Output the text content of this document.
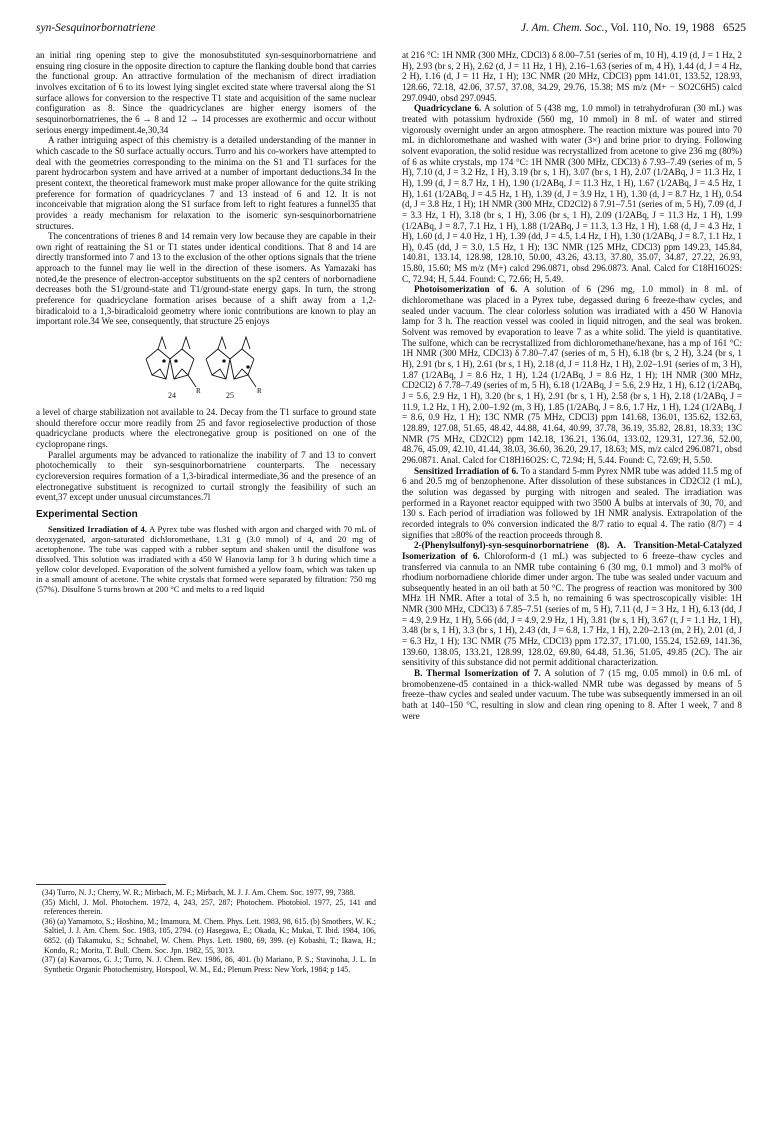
syn-Sesquinorbornatriene	J. Am. Chem. Soc., Vol. 110, No. 19, 1988 6525

an initial ring opening step to give the monosubstituted syn-sesquinorbornatriene and ensuing ring closure in the opposite direction to capture the flanking double bond that carries the functional group. An attractive formulation of the mechanism of direct irradiation involves excitation of 6 to its lowest lying singlet excited state where traversal along the S1 surface allows for conversion to the respective T1 state and acquisition of the same nuclear configuration as 8. Since the quadricyclanes are higher energy isomers of the sesquinorbornatrienes, the 6 → 8 and 12 → 14 processes are exothermic and occur without serious energy impediment.4e,30,34

A rather intriguing aspect of this chemistry is a detailed understanding of the manner in which cascade to the S0 surface actually occurs. Turro and his co-workers have attempted to deal with the geometries corresponding to the minima on the S1 and T1 surfaces for the parent hydrocarbon system and have arrived at a number of important deductions.34 In the present context, the theoretical framework must make proper allowance for the quite striking preference for formation of quadricyclanes 7 and 13 instead of 6 and 12. It is not inconceivable that migration along the S1 surface from left to right features a funnel35 that provides a ready mechanism for relaxation to the isomeric syn-sesquinorbornatriene structures.

The concentrations of trienes 8 and 14 remain very low because they are capable in their own right of reattaining the S1 or T1 states under identical conditions. That 8 and 14 are directly transformed into 7 and 13 to the exclusion of the other options signals that the triene approach to the funnel may lie well in the direction of these isomers. As Yamazaki has noted,4e the presence of electron-acceptor substituents on the sp2 centers of norbornadiene decreases both the S1/ground-state and T1/ground-state energy gaps. In turn, the strong preference for quadricyclane formation arises because of a shift away from a 1,2-biradicaloid to a 1,3-biradicaloid geometry where ionic contributions are known to play an important role.34 We see, consequently, that structure 25 enjoys

R	R
24	25

a level of charge stabilization not available to 24. Decay from the T1 surface to ground state should therefore occur more readily from 25 and favor regioselective production of those quadricyclane products where the electronegative group is positioned on one of the cyclopropane rings.

Parallel arguments may be advanced to rationalize the inability of 7 and 13 to convert photochemically to their syn-sesquinorbornatriene counterparts. The necessary cycloreversion requires formation of a 1,3-biradical intermediate,36 and the presence of an electronegative substituent is recognized to curtail strongly the feasibility of such an event,37 except under unusual circumstances.7l

Experimental Section

Sensitized Irradiation of 4. A Pyrex tube was flushed with argon and charged with 70 mL of deoxygenated, argon-saturated dichloromethane, 1.31 g (3.0 mmol) of 4, and 20 mg of acetophenone. The tube was capped with a rubber septum and shaken until the disulfone was dissolved. This solution was irradiated with a 450 W Hanovia lamp for 3 h during which time a yellow color developed. Evaporation of the solvent furnished a yellow foam, which was taken up in a small amount of acetone. The white crystals that formed were separated by filtration: 750 mg (57%). Disulfone 5 turns brown at 200 °C and melts to a red liquid

(34) Turro, N. J.; Cherry, W. R.; Mirbach, M. F.; Mirbach, M. J. J. Am. Chem. Soc. 1977, 99, 7388.

(35) Michl, J. Mol. Photochem. 1972, 4, 243, 257, 287; Photochem. Photobiol. 1977, 25, 141 and references therein.

(36) (a) Yamamoto, S.; Hoshino, M.; Imamura, M. Chem. Phys. Lett. 1983, 98, 615. (b) Smothers, W. K.; Saltiel, J. J. Am. Chem. Soc. 1983, 105, 2794. (c) Hasegawa, E.; Okada, K.; Mukai, T. Ibid. 1984, 106, 6852. (d) Takamuku, S.; Schnabel, W. Chem. Phys. Lett. 1980, 69, 399. (e) Kobashi, T.; Ikawa, H.; Kondo, R.; Morita, T. Bull. Chem. Soc. Jpn. 1982, 55, 3013.

(37) (a) Kavarnos, G. J.; Turro, N. J. Chem. Rev. 1986, 86, 401. (b) Mariano, P. S.; Stavinoha, J. L. In Synthetic Organic Photochemistry, Horspool, W. M., Ed.; Plenum Press: New York, 1984; p 145.

at 216 °C: 1H NMR (300 MHz, CDCl3) δ 8.00–7.51 (series of m, 10 H), 4.19 (d, J = 1 Hz, 2 H), 2.93 (br s, 2 H), 2.62 (d, J = 11 Hz, 1 H), 2.16–1.63 (series of m, 4 H), 1.44 (d, J = 4 Hz, 2 H), 1.16 (d, J = 11 Hz, 1 H); 13C NMR (20 MHz, CDCl3) ppm 141.01, 133.52, 128.93, 128.66, 72.18, 42.06, 37.57, 37.08, 34.29, 29.76, 15.38; MS m/z (M+ − SO2C6H5) calcd 297.0940, obsd 297.0945.

Quadricyclane 6. A solution of 5 (438 mg, 1.0 mmol) in tetrahydrofuran (30 mL) was treated with potassium hydroxide (560 mg, 10 mmol) in 8 mL of water and stirred vigorously overnight under an argon atmosphere. The reaction mixture was poured into 70 mL in dichloromethane and washed with water (3×) and brine prior to drying. Following solvent evaporation, the solid residue was recrystallized from acetone to give 236 mg (80%) of 6 as white crystals, mp 174 °C: 1H NMR (300 MHz, CDCl3) δ 7.93–7.49 (series of m, 5 H), 7.10 (d, J = 3.2 Hz, 1 H), 3.19 (br s, 1 H), 3.07 (br s, 1 H), 2.07 (1/2ABq, J = 11.3 Hz, 1 H), 1.99 (d, J = 8.7 Hz, 1 H), 1.90 (1/2ABq, J = 11.3 Hz, 1 H), 1.67 (1/2ABq, J = 4.5 Hz, 1 H), 1.61 (1/2ABq, J = 4.5 Hz, 1 H), 1.39 (d, J = 3.9 Hz, 1 H), 1.30 (d, J = 8.7 Hz, 1 H), 0.54 (d, J = 3.8 Hz, 1 H); 1H NMR (300 MHz, CD2Cl2) δ 7.91–7.51 (series of m, 5 H), 7.09 (d, J = 3.3 Hz, 1 H), 3.18 (br s, 1 H), 3.06 (br s, 1 H), 2.09 (1/2ABq, J = 11.3 Hz, 1 H), 1.99 (1/2ABq, J = 8.7, 7.1 Hz, 1 H), 1.88 (1/2ABq, J = 11.3, 1.3 Hz, 1 H), 1.68 (d, J = 4.3 Hz, 1 H), 1.60 (d, J = 4.0 Hz, 1 H), 1.39 (dd, J = 4.5, 1.4 Hz, 1 H), 1.30 (1/2ABq, J = 8.7, 1.1 Hz, 1 H), 0.45 (dd, J = 3.0, 1.5 Hz, 1 H); 13C NMR (125 MHz, CDCl3) ppm 149.23, 145.84, 140.81, 133.14, 128.98, 128.10, 50.00, 43.26, 43.13, 37.80, 35.07, 34.87, 27.22, 26.93, 15.80, 15.60; MS m/z (M+) calcd 296.0871, obsd 296.0873. Anal. Calcd for C18H16O2S: C, 72.94; H, 5.44. Found: C, 72.66; H, 5.49.

Photoisomerization of 6. A solution of 6 (296 mg, 1.0 mmol) in 8 mL of dichloromethane was placed in a Pyrex tube, degassed during 6 freeze-thaw cycles, and sealed under vacuum. The clear colorless solution was irradiated with a 450 W Hanovia lamp for 3 h. The reaction vessel was cooled in liquid nitrogen, and the seal was broken. Solvent was removed by evaporation to leave 7 as a white solid. The yield is quantitative. The sulfone, which can be recrystallized from dichloromethane/hexane, has a mp of 161 °C: 1H NMR (300 MHz, CDCl3) δ 7.80–7.47 (series of m, 5 H), 6.18 (br s, 2 H), 3.24 (br s, 1 H), 2.91 (br s, 1 H), 2.61 (br s, 1 H), 2.18 (d, J = 11.8 Hz, 1 H), 2.02–1.91 (series of m, 3 H), 1.87 (1/2ABq, J = 8.6 Hz, 1 H), 1.24 (1/2ABq, J = 8.6 Hz, 1 H); 1H NMR (300 MHz, CD2Cl2) δ 7.78–7.49 (series of m, 5 H), 6.18 (1/2ABq, J = 5.6, 2.9 Hz, 1 H), 6.12 (1/2ABq, J = 5.6, 2.9 Hz, 1 H), 3.20 (br s, 1 H), 2.91 (br s, 1 H), 2.58 (br s, 1 H), 2.18 (1/2ABq, J = 11.9, 1.2 Hz, 1 H), 2.00–1.92 (m, 3 H), 1.85 (1/2ABq, J = 8.6, 1.7 Hz, 1 H), 1.24 (1/2ABq, J = 8.6, 0.9 Hz, 1 H); 13C NMR (75 MHz, CDCl3) ppm 141.68, 136.01, 135.62, 132.63, 128.89, 127.08, 51.65, 48.42, 44.88, 41.64, 40.99, 37.78, 36.19, 35.82, 28.81, 18.33; 13C NMR (75 MHz, CD2Cl2) ppm 142.18, 136.21, 136.04, 133.02, 129.31, 127.36, 52.00, 48.76, 45.09, 42.10, 41.44, 38.03, 36.60, 36.20, 29.17, 18.63; MS, m/z calcd 296.0871, obsd 296.0871. Anal. Calcd for C18H16O2S: C, 72.94; H, 5.44. Found: C, 72.69; H, 5.50.

Sensitized Irradiation of 6. To a standard 5-mm Pyrex NMR tube was added 11.5 mg of 6 and 20.5 mg of benzophenone. After dissolution of these substances in CD2Cl2 (1 mL), the solution was degassed by purging with nitrogen and sealed. The irradiation was performed in a Rayonet reactor equipped with two 3500 Å bulbs at intervals of 30, 70, and 130 s. Each period of irradiation was followed by 1H NMR analysis. Extrapolation of the recorded integrals to 0% conversion indicated the 8/7 ratio to equal 4. The ratio (8/7) = 4 signifies that ≥80% of the reaction proceeds through 8.

2-(Phenylsulfonyl)-syn-sesquinorbornatriene (8). A. Transition-Metal-Catalyzed Isomerization of 6. Chloroform-d (1 mL) was subjected to 6 freeze–thaw cycles and transferred via cannula to an NMR tube containing 6 (30 mg, 0.1 mmol) and 3 mol% of rhodium norbornadiene chloride dimer under argon. The tube was sealed under vacuum and subsequently heated in an oil bath at 50 °C. The progress of reaction was monitored by 300 MHz 1H NMR. After a total of 3.5 h, no remaining 6 was spectroscopically visible: 1H NMR (300 MHz, CDCl3) δ 7.85–7.51 (series of m, 5 H), 7.11 (d, J = 3 Hz, 1 H), 6.13 (dd, J = 4.9, 2.9 Hz, 1 H), 5.66 (dd, J = 4.9, 2.9 Hz, 1 H), 3.81 (br s, 1 H), 3.67 (t, J = 1.1 Hz, 1 H), 3.48 (br s, 1 H), 3.3 (br s, 1 H), 2.43 (dt, J = 6.8, 1.7 Hz, 1 H), 2.20–2.13 (m, 2 H), 2.01 (d, J = 6.3 Hz, 1 H); 13C NMR (75 MHz, CDCl3) ppm 172.37, 171.00, 155.24, 152.69, 141.36, 139.60, 138.05, 133.21, 128.99, 128.02, 69.80, 64.48, 51.36, 51.05, 49.85 (2C). The air sensitivity of this substance did not permit additional characterization.

B. Thermal Isomerization of 7. A solution of 7 (15 mg, 0.05 mmol) in 0.6 mL of bromobenzene-d5 contained in a thick-walled NMR tube was degassed by means of 5 freeze–thaw cycles and sealed under vacuum. The tube was subsequently immersed in an oil bath at 140–150 °C, resulting in slow and clean ring opening to 8. After 1 week, 7 and 8 were
